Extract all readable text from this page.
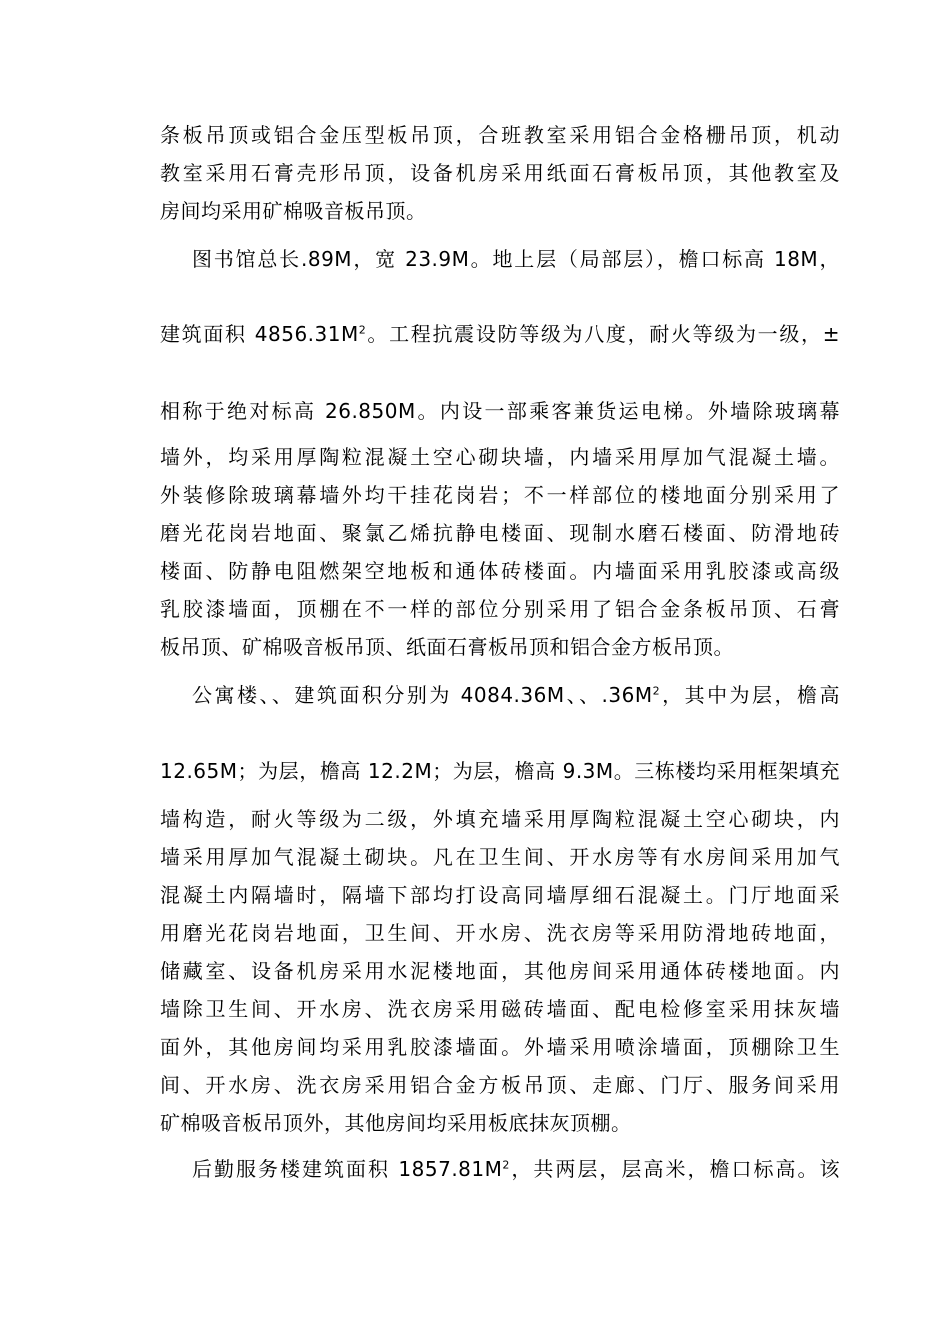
条板吊顶或铝合金压型板吊顶，合班教室采用铝合金格栅吊顶，机动
教室采用石膏壳形吊顶，设备机房采用纸面石膏板吊顶，其他教室及
房间均采用矿棉吸音板吊顶。
图书馆总长.89M，宽 23.9M。地上层（局部层），檐口标高 18M，
建筑面积 $4856.31M^2$。工程抗震设防等级为八度，耐火等级为一级，±
相称于绝对标高 26.850M。内设一部乘客兼货运电梯。外墙除玻璃幕
墙外，均采用厚陶粒混凝土空心砌块墙，内墙采用厚加气混凝土墙。
外装修除玻璃幕墙外均干挂花岗岩；不一样部位的楼地面分别采用了
磨光花岗岩地面、聚氯乙烯抗静电楼面、现制水磨石楼面、防滑地砖
楼面、防静电阻燃架空地板和通体砖楼面。内墙面采用乳胶漆或高级
乳胶漆墙面，顶棚在不一样的部位分别采用了铝合金条板吊顶、石膏
板吊顶、矿棉吸音板吊顶、纸面石膏板吊顶和铝合金方板吊顶。
公寓楼、、建筑面积分别为 4084.36M、、$.36M^2$，其中为层，檐高
12.65M；为层，檐高 12.2M；为层，檐高 9.3M。三栋楼均采用框架填充
墙构造，耐火等级为二级，外填充墙采用厚陶粒混凝土空心砌块，内
墙采用厚加气混凝土砌块。凡在卫生间、开水房等有水房间采用加气
混凝土内隔墙时，隔墙下部均打设高同墙厚细石混凝土。门厅地面采
用磨光花岗岩地面，卫生间、开水房、洗衣房等采用防滑地砖地面，
储藏室、设备机房采用水泥楼地面，其他房间采用通体砖楼地面。内
墙除卫生间、开水房、洗衣房采用磁砖墙面、配电检修室采用抹灰墙
面外，其他房间均采用乳胶漆墙面。外墙采用喷涂墙面，顶棚除卫生
间、开水房、洗衣房采用铝合金方板吊顶、走廊、门厅、服务间采用
矿棉吸音板吊顶外，其他房间均采用板底抹灰顶棚。
后勤服务楼建筑面积 $1857.81M^2$，共两层，层高米，檐口标高。该
